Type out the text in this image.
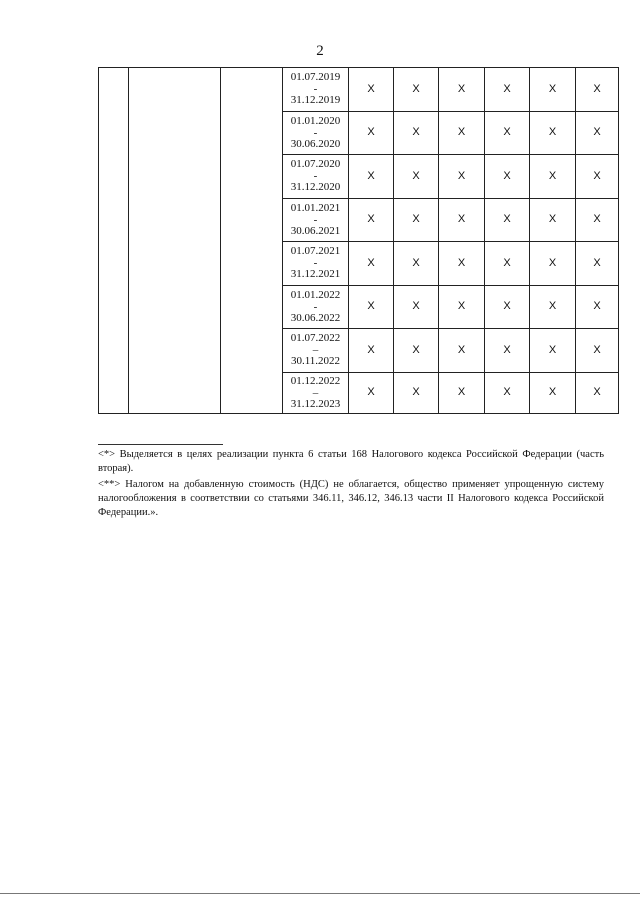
2
			01.07.2019
-
31.12.2019	X	X	X	X	X	X
			01.01.2020
-
30.06.2020	X	X	X	X	X	X
			01.07.2020
-
31.12.2020	X	X	X	X	X	X
			01.01.2021
-
30.06.2021	X	X	X	X	X	X
			01.07.2021
-
31.12.2021	X	X	X	X	X	X
			01.01.2022
-
30.06.2022	X	X	X	X	X	X
			01.07.2022
–
30.11.2022	X	X	X	X	X	X
			01.12.2022
–
31.12.2023	X	X	X	X	X	X

<*> Выделяется в целях реализации пункта 6 статьи 168 Налогового кодекса Российской Федерации (часть вторая).

<**> Налогом на добавленную стоимость (НДС) не облагается, общество применяет упрощенную систему налогообложения в соответствии со статьями 346.11, 346.12, 346.13 части II Налогового кодекса Российской Федерации.».
